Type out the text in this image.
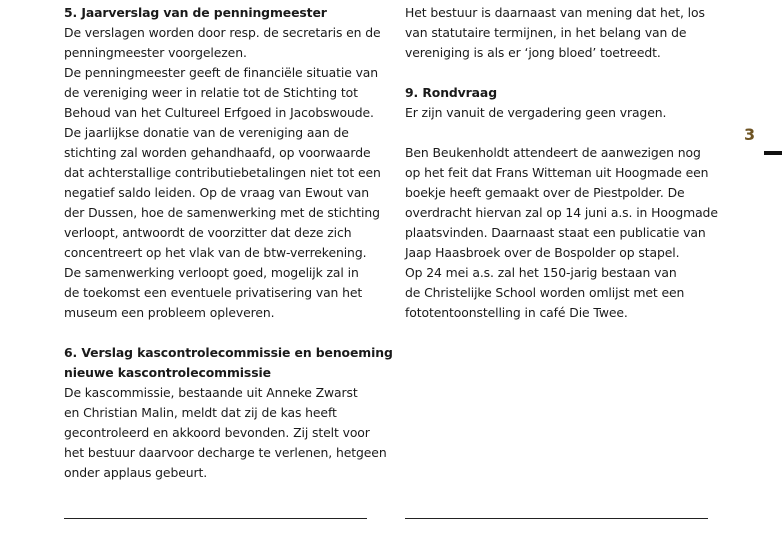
5. Jaarverslag van de penningmeester
De verslagen worden door resp. de secretaris en de
penningmeester voorgelezen.
De penningmeester geeft de financiële situatie van
de vereniging weer in relatie tot de Stichting tot
Behoud van het Cultureel Erfgoed in Jacobswoude.
De jaarlijkse donatie van de vereniging aan de
stichting zal worden gehandhaafd, op voorwaarde
dat achterstallige contributiebetalingen niet tot een
negatief saldo leiden. Op de vraag van Ewout van
der Dussen, hoe de samenwerking met de stichting
verloopt, antwoordt de voorzitter dat deze zich
concentreert op het vlak van de btw-verrekening.
De samenwerking verloopt goed, mogelijk zal in
de toekomst een eventuele privatisering van het
museum een probleem opleveren.
6. Verslag kascontrolecommissie en benoeming
nieuwe kascontrolecommissie
De kascommissie, bestaande uit Anneke Zwarst
en Christian Malin, meldt dat zij de kas heeft
gecontroleerd en akkoord bevonden. Zij stelt voor
het bestuur daarvoor decharge te verlenen, hetgeen
onder applaus gebeurt.
Het bestuur is daarnaast van mening dat het, los
van statutaire termijnen, in het belang van de
vereniging is als er ‘jong bloed’ toetreedt.
9. Rondvraag
Er zijn vanuit de vergadering geen vragen.
Ben Beukenholdt attendeert de aanwezigen nog
op het feit dat Frans Witteman uit Hoogmade een
boekje heeft gemaakt over de Piestpolder. De
overdracht hiervan zal op 14 juni a.s. in Hoogmade
plaatsvinden. Daarnaast staat een publicatie van
Jaap Haasbroek over de Bospolder op stapel.
Op 24 mei a.s. zal het 150-jarig bestaan van
de Christelijke School worden omlijst met een
fototentoonstelling in café Die Twee.
3
